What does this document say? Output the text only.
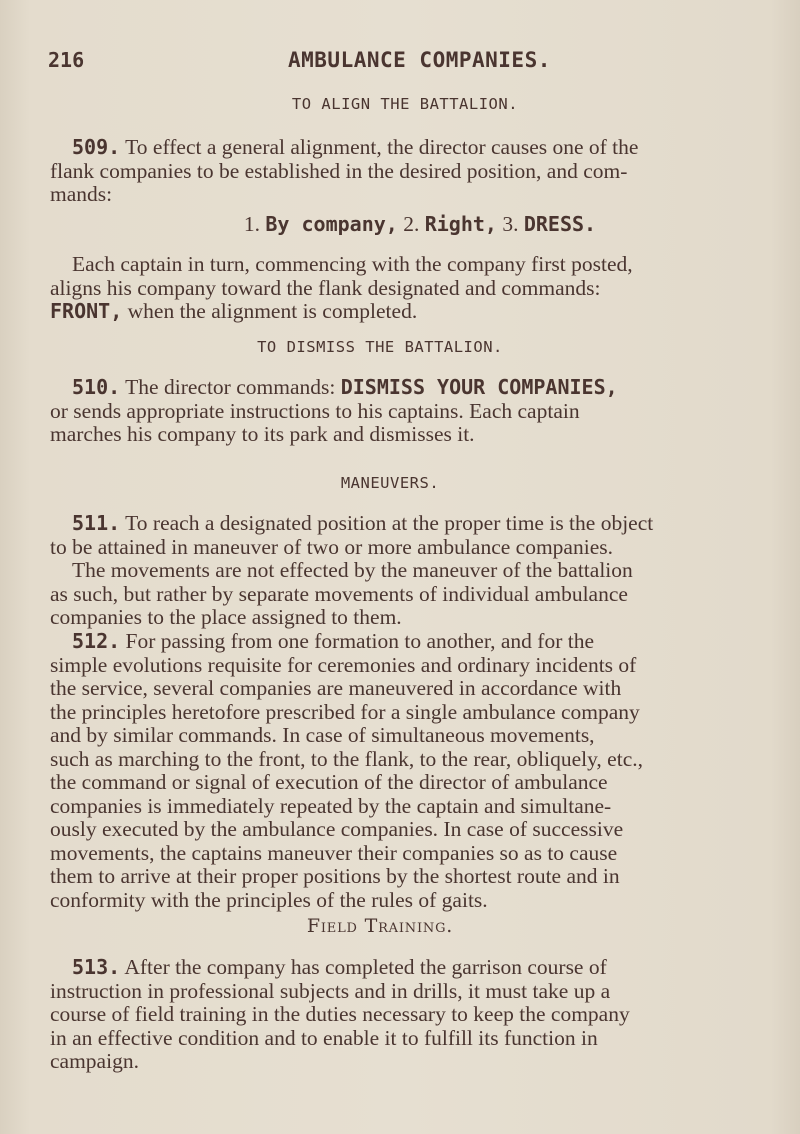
216	AMBULANCE COMPANIES.
TO ALIGN THE BATTALION.
509. To effect a general alignment, the director causes one of the
flank companies to be established in the desired position, and com-
mands:
1. By company, 2. Right, 3. DRESS.
Each captain in turn, commencing with the company first posted,
aligns his company toward the flank designated and commands:
FRONT, when the alignment is completed.
TO DISMISS THE BATTALION.
510. The director commands: DISMISS YOUR COMPANIES,
or sends appropriate instructions to his captains. Each captain
marches his company to its park and dismisses it.
MANEUVERS.
511. To reach a designated position at the proper time is the object
to be attained in maneuver of two or more ambulance companies.
The movements are not effected by the maneuver of the battalion
as such, but rather by separate movements of individual ambulance
companies to the place assigned to them.
512. For passing from one formation to another, and for the
simple evolutions requisite for ceremonies and ordinary incidents of
the service, several companies are maneuvered in accordance with
the principles heretofore prescribed for a single ambulance company
and by similar commands. In case of simultaneous movements,
such as marching to the front, to the flank, to the rear, obliquely, etc.,
the command or signal of execution of the director of ambulance
companies is immediately repeated by the captain and simultane-
ously executed by the ambulance companies. In case of successive
movements, the captains maneuver their companies so as to cause
them to arrive at their proper positions by the shortest route and in
conformity with the principles of the rules of gaits.
Field Training.
513. After the company has completed the garrison course of
instruction in professional subjects and in drills, it must take up a
course of field training in the duties necessary to keep the company
in an effective condition and to enable it to fulfill its function in
campaign.
